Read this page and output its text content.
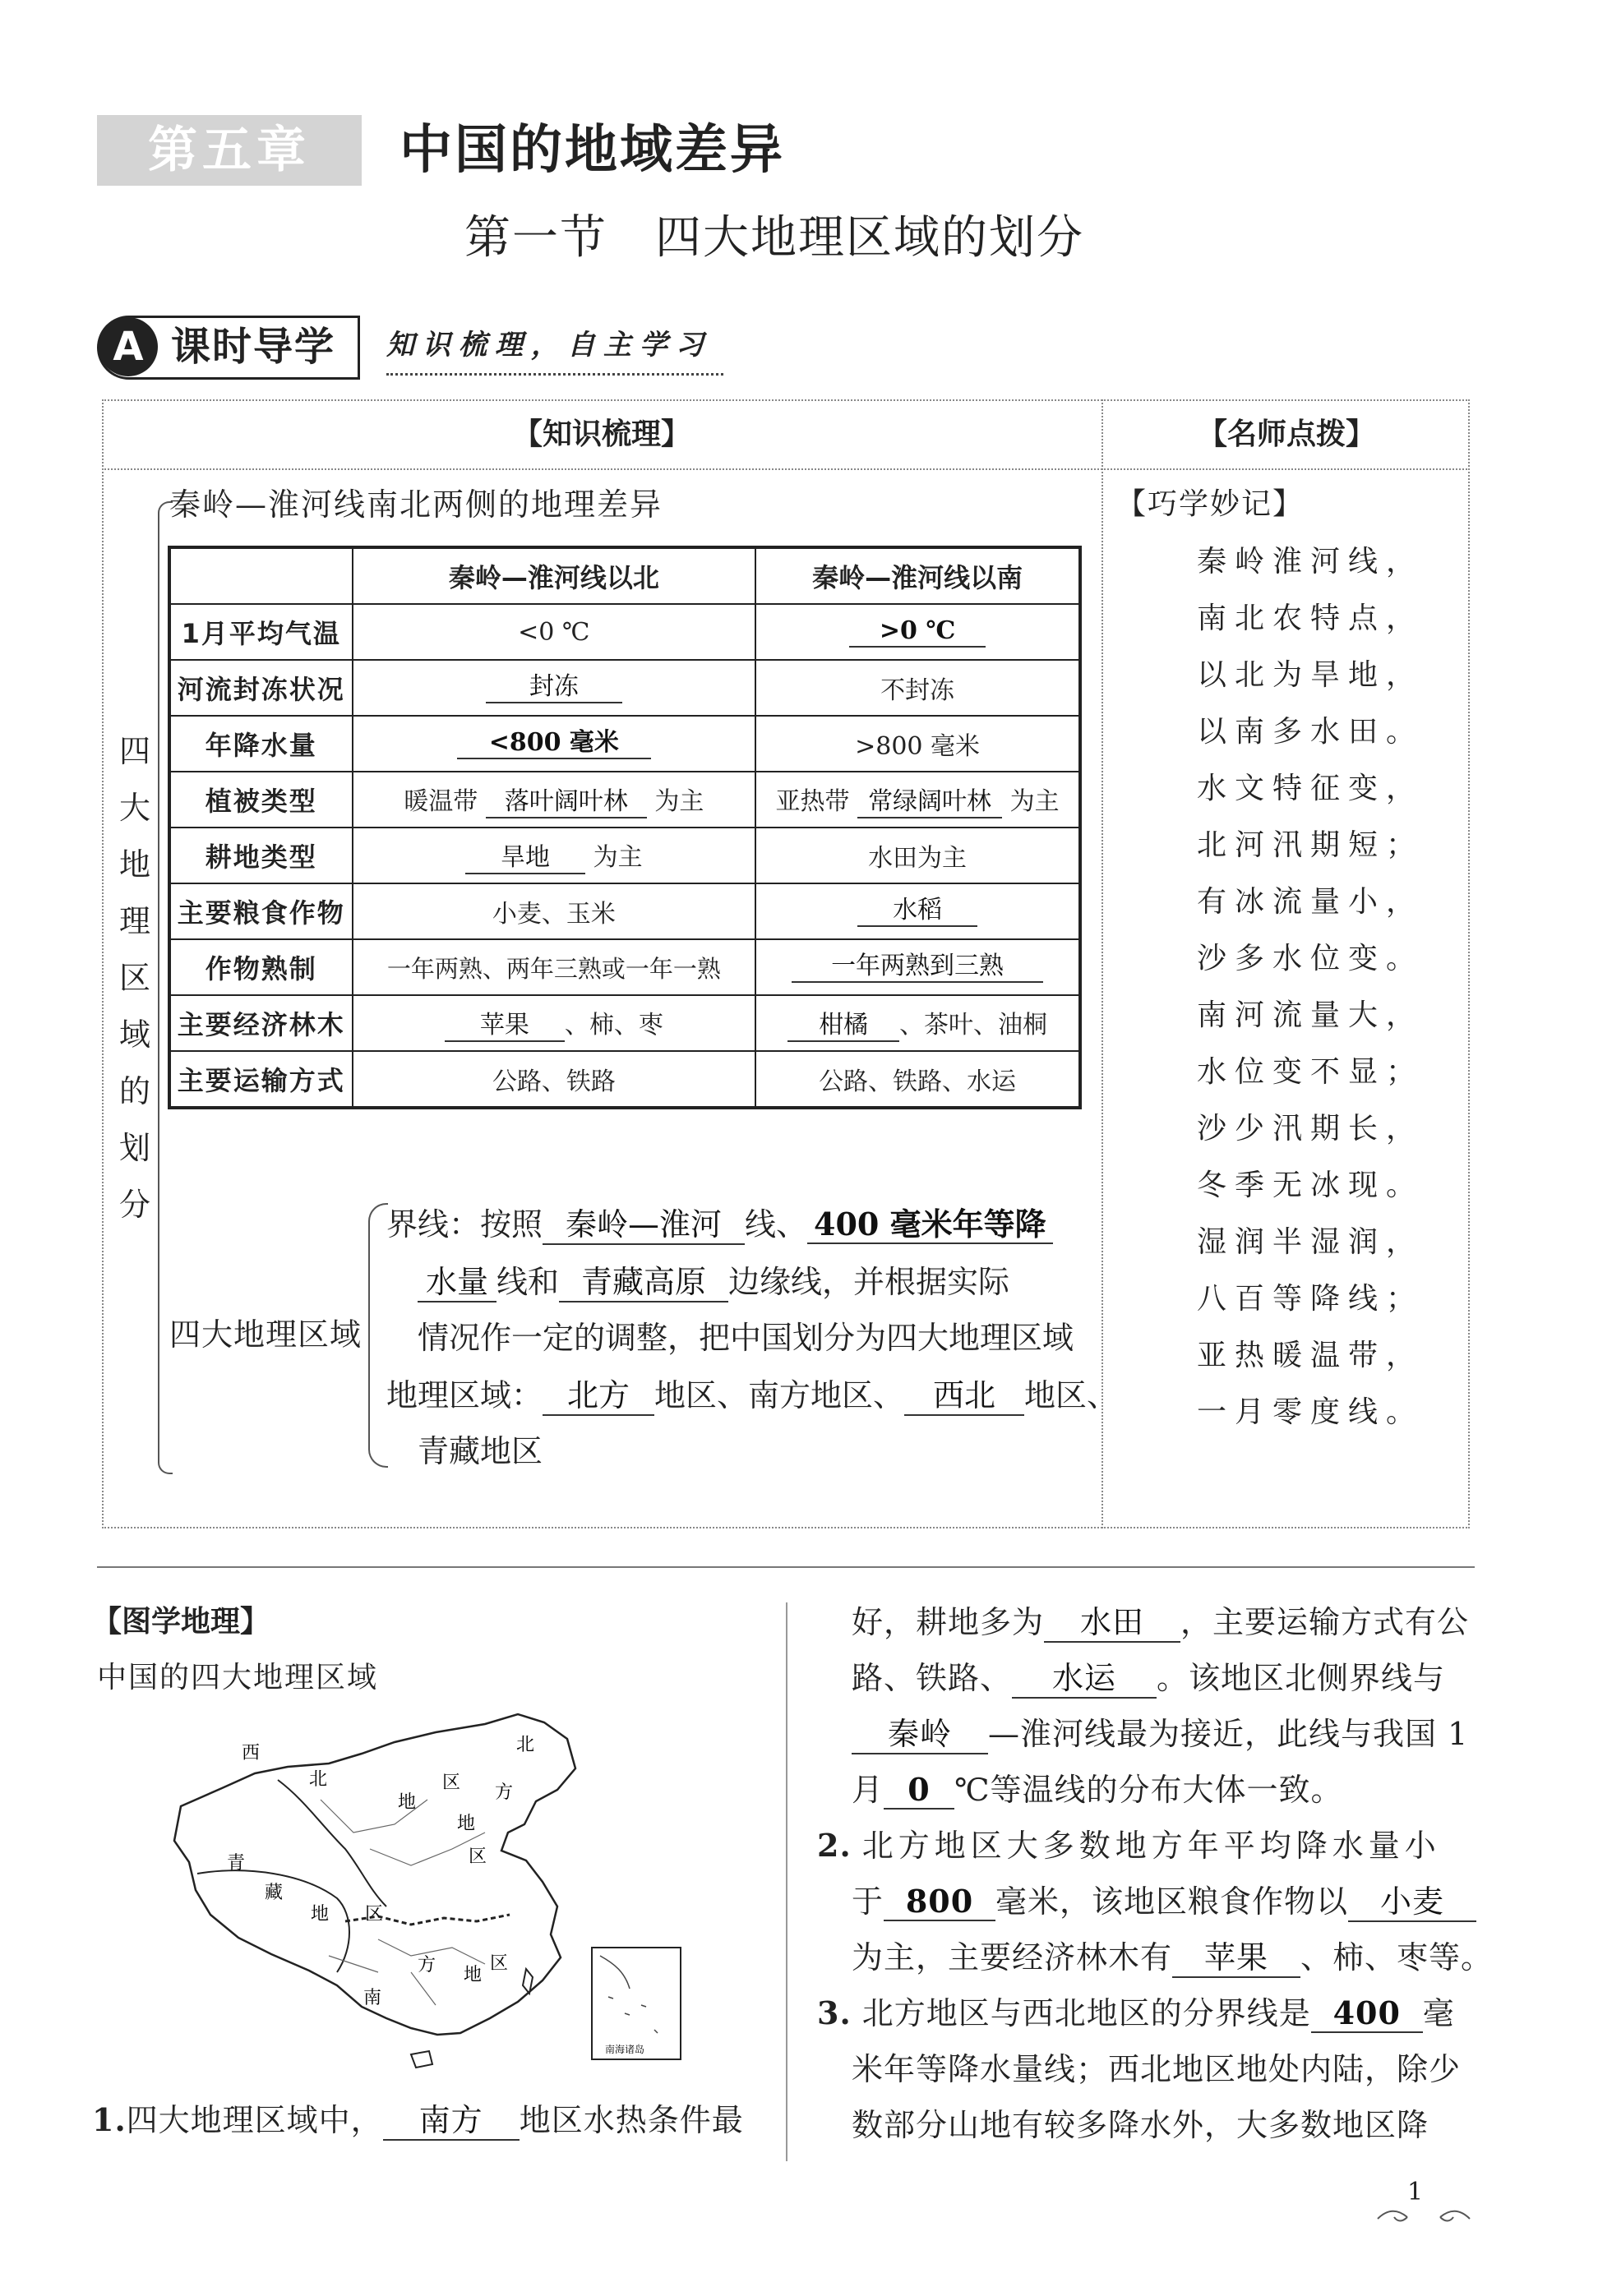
第五章	中国的地域差异
第一节　四大地理区域的划分
A 课时导学 知识梳理，自主学习
【知识梳理】	【名师点拨】
秦岭—淮河线南北两侧的地理差异
四
大
地
理
区
域
的
划
分
	秦岭—淮河线以北	秦岭—淮河线以南
1月平均气温	<0 ℃	>0 ℃
河流封冻状况	封冻	不封冻
年降水量	<800 毫米	>800 毫米
植被类型	暖温带 落叶阔叶林 为主	亚热带 常绿阔叶林 为主
耕地类型	旱地 为主	水田为主
主要粮食作物	小麦、玉米	水稻
作物熟制	一年两熟、两年三熟或一年一熟	一年两熟到三熟
主要经济林木	苹果 、柿、枣	柑橘 、茶叶、油桐
主要运输方式	公路、铁路	公路、铁路、水运
四大地理区域
界线：按照 秦岭—淮河 线、 400 毫米年等降
水量 线和 青藏高原 边缘线，并根据实际
情况作一定的调整，把中国划分为四大地理区域
地理区域： 北方 地区、南方地区、 西北 地区、
青藏地区
【巧学妙记】
秦岭淮河线，
南北农特点，
以北为旱地，
以南多水田。
水文特征变，
北河汛期短；
有冰流量小，
沙多水位变。
南河流量大，
水位变不显；
沙少汛期长，
冬季无冰现。
湿润半湿润，
八百等降线；
亚热暖温带，
一月零度线。
【图学地理】
中国的四大地理区域
西
北
地
区
北
方
地
区
青
藏
地 区
南
方 地
区
南海诸岛
1.四大地理区域中， 南方 地区水热条件最
好，耕地多为 水田 ，主要运输方式有公
路、铁路、 水运 。该地区北侧界线与
秦岭 —淮河线最为接近，此线与我国 1
月 0 ℃等温线的分布大体一致。
2. 北方地区大多数地方年平均降水量小
于 800 毫米，该地区粮食作物以 小麦
为主，主要经济林木有 苹果 、柿、枣等。
3. 北方地区与西北地区的分界线是 400 毫
米年等降水量线；西北地区地处内陆，除少
数部分山地有较多降水外，大多数地区降
1
